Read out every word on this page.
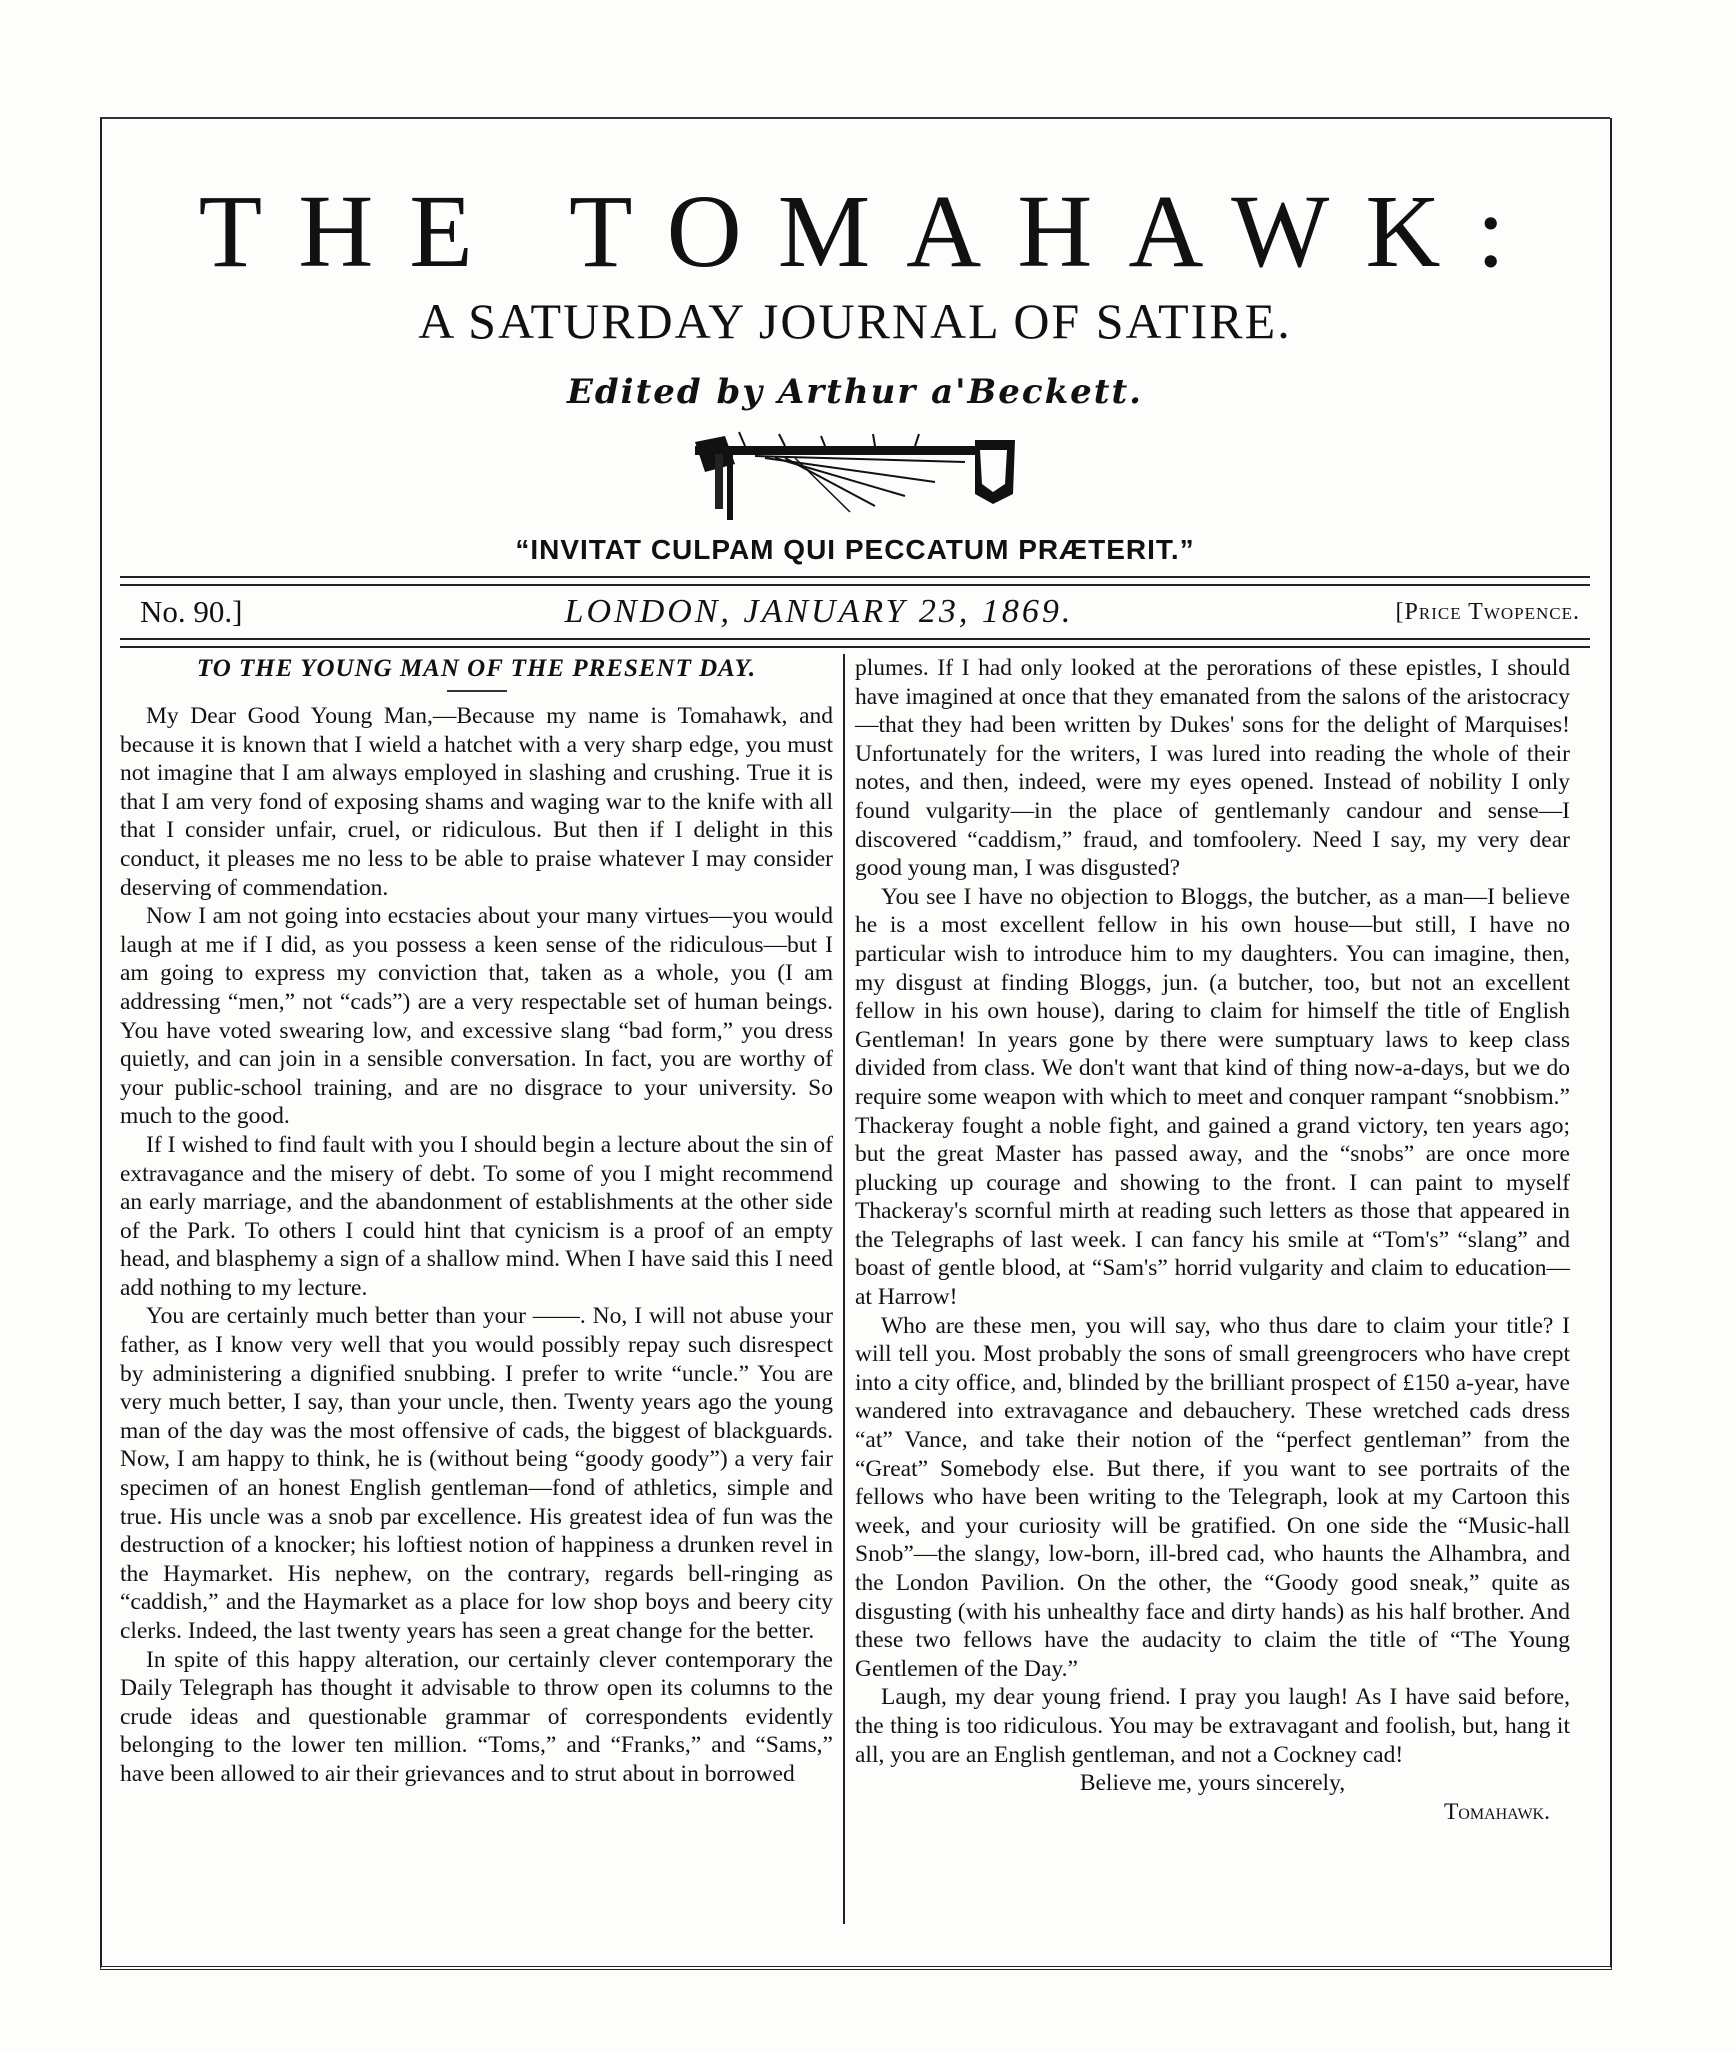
THE TOMAHAWK:
A SATURDAY JOURNAL OF SATIRE.
Edited by Arthur a'Beckett.
“INVITAT CULPAM QUI PECCATUM PRÆTERIT.”
No. 90.]	LONDON, JANUARY 23, 1869.	[Price Twopence.
TO THE YOUNG MAN OF THE PRESENT DAY.

My Dear Good Young Man,—Because my name is Tomahawk, and because it is known that I wield a hatchet with a very sharp edge, you must not imagine that I am always employed in slashing and crushing. True it is that I am very fond of exposing shams and waging war to the knife with all that I consider unfair, cruel, or ridiculous. But then if I delight in this conduct, it pleases me no less to be able to praise whatever I may consider deserving of commendation.

Now I am not going into ecstacies about your many virtues—you would laugh at me if I did, as you possess a keen sense of the ridiculous—but I am going to express my conviction that, taken as a whole, you (I am addressing “men,” not “cads”) are a very respectable set of human beings. You have voted swearing low, and excessive slang “bad form,” you dress quietly, and can join in a sensible conversation. In fact, you are worthy of your public-school training, and are no disgrace to your university. So much to the good.

If I wished to find fault with you I should begin a lecture about the sin of extravagance and the misery of debt. To some of you I might recommend an early marriage, and the abandonment of establishments at the other side of the Park. To others I could hint that cynicism is a proof of an empty head, and blasphemy a sign of a shallow mind. When I have said this I need add nothing to my lecture.

You are certainly much better than your ——. No, I will not abuse your father, as I know very well that you would possibly repay such disrespect by administering a dignified snubbing. I prefer to write “uncle.” You are very much better, I say, than your uncle, then. Twenty years ago the young man of the day was the most offensive of cads, the biggest of blackguards. Now, I am happy to think, he is (without being “goody goody”) a very fair specimen of an honest English gentleman—fond of athletics, simple and true. His uncle was a snob par excellence. His greatest idea of fun was the destruction of a knocker; his loftiest notion of happiness a drunken revel in the Haymarket. His nephew, on the contrary, regards bell-ringing as “caddish,” and the Haymarket as a place for low shop boys and beery city clerks. Indeed, the last twenty years has seen a great change for the better.

In spite of this happy alteration, our certainly clever contemporary the Daily Telegraph has thought it advisable to throw open its columns to the crude ideas and questionable grammar of correspondents evidently belonging to the lower ten million. “Toms,” and “Franks,” and “Sams,” have been allowed to air their grievances and to strut about in borrowed

plumes. If I had only looked at the perorations of these epistles, I should have imagined at once that they emanated from the salons of the aristocracy—that they had been written by Dukes' sons for the delight of Marquises! Unfortunately for the writers, I was lured into reading the whole of their notes, and then, indeed, were my eyes opened. Instead of nobility I only found vulgarity—in the place of gentlemanly candour and sense—I discovered “caddism,” fraud, and tomfoolery. Need I say, my very dear good young man, I was disgusted?

You see I have no objection to Bloggs, the butcher, as a man—I believe he is a most excellent fellow in his own house—but still, I have no particular wish to introduce him to my daughters. You can imagine, then, my disgust at finding Bloggs, jun. (a butcher, too, but not an excellent fellow in his own house), daring to claim for himself the title of English Gentleman! In years gone by there were sumptuary laws to keep class divided from class. We don't want that kind of thing now-a-days, but we do require some weapon with which to meet and conquer rampant “snobbism.” Thackeray fought a noble fight, and gained a grand victory, ten years ago; but the great Master has passed away, and the “snobs” are once more plucking up courage and showing to the front. I can paint to myself Thackeray's scornful mirth at reading such letters as those that appeared in the Telegraphs of last week. I can fancy his smile at “Tom's” “slang” and boast of gentle blood, at “Sam's” horrid vulgarity and claim to education—at Harrow!

Who are these men, you will say, who thus dare to claim your title? I will tell you. Most probably the sons of small greengrocers who have crept into a city office, and, blinded by the brilliant prospect of £150 a-year, have wandered into extravagance and debauchery. These wretched cads dress “at” Vance, and take their notion of the “perfect gentleman” from the “Great” Somebody else. But there, if you want to see portraits of the fellows who have been writing to the Telegraph, look at my Cartoon this week, and your curiosity will be gratified. On one side the “Music-hall Snob”—the slangy, low-born, ill-bred cad, who haunts the Alhambra, and the London Pavilion. On the other, the “Goody good sneak,” quite as disgusting (with his unhealthy face and dirty hands) as his half brother. And these two fellows have the audacity to claim the title of “The Young Gentlemen of the Day.”

Laugh, my dear young friend. I pray you laugh! As I have said before, the thing is too ridiculous. You may be extravagant and foolish, but, hang it all, you are an English gentleman, and not a Cockney cad!

Believe me, yours sincerely,

Tomahawk.
